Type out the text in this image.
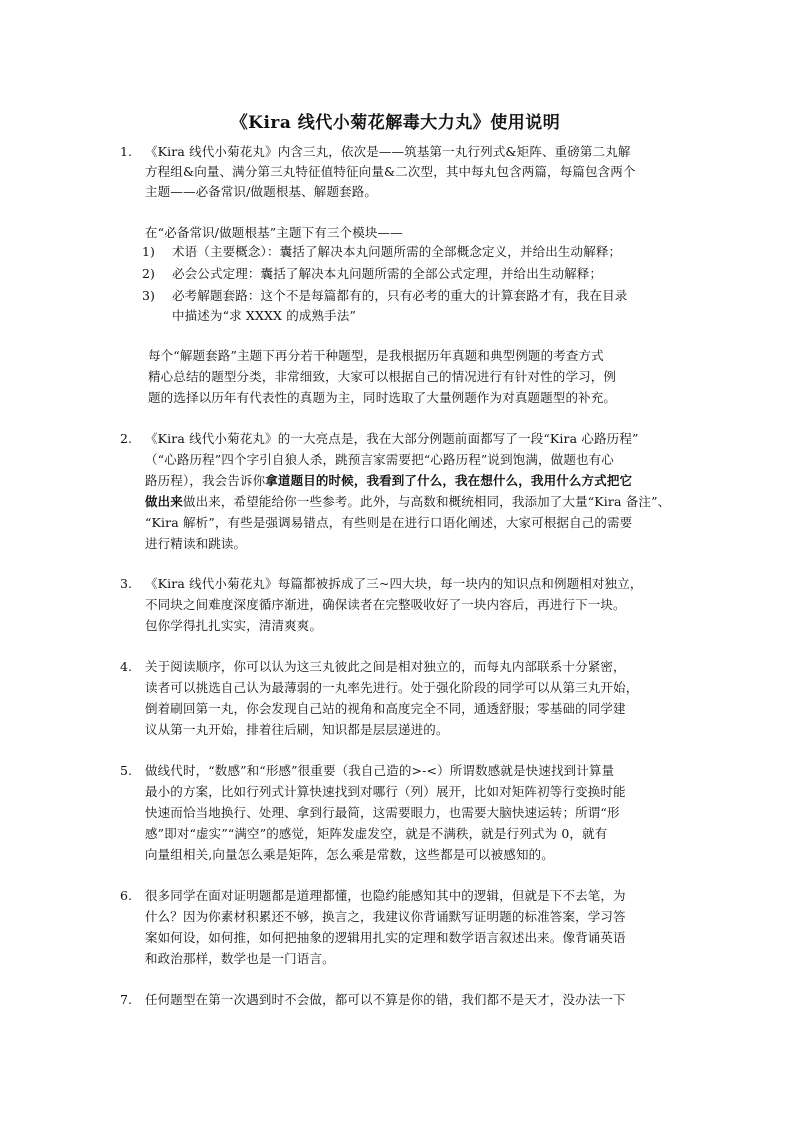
《Kira 线代小菊花解毒大力丸》使用说明
1. 《Kira 线代小菊花丸》内含三丸，依次是——筑基第一丸行列式&矩阵、重磅第二丸解
方程组&向量、满分第三丸特征值特征向量&二次型，其中每丸包含两篇，每篇包含两个
主题——必备常识/做题根基、解题套路。
在“必备常识/做题根基”主题下有三个模块——
1) 术语（主要概念）：囊括了解决本丸问题所需的全部概念定义，并给出生动解释；
2) 必会公式定理：囊括了解决本丸问题所需的全部公式定理，并给出生动解释；
3) 必考解题套路：这个不是每篇都有的，只有必考的重大的计算套路才有，我在目录
中描述为“求 XXXX 的成熟手法”
每个“解题套路”主题下再分若干种题型，是我根据历年真题和典型例题的考查方式
精心总结的题型分类，非常细致，大家可以根据自己的情况进行有针对性的学习，例
题的选择以历年有代表性的真题为主，同时选取了大量例题作为对真题题型的补充。
2. 《Kira 线代小菊花丸》的一大亮点是，我在大部分例题前面都写了一段“Kira 心路历程”
（“心路历程”四个字引自狼人杀，跳预言家需要把“心路历程”说到饱满，做题也有心
路历程），我会告诉你拿道题目的时候，我看到了什么，我在想什么，我用什么方式把它
做出来做出来，希望能给你一些参考。此外，与高数和概统相同，我添加了大量“Kira 备注”、
“Kira 解析”，有些是强调易错点，有些则是在进行口语化阐述，大家可根据自己的需要
进行精读和跳读。
3. 《Kira 线代小菊花丸》每篇都被拆成了三~四大块，每一块内的知识点和例题相对独立，
不同块之间难度深度循序渐进，确保读者在完整吸收好了一块内容后，再进行下一块。
包你学得扎扎实实，清清爽爽。
4. 关于阅读顺序，你可以认为这三丸彼此之间是相对独立的，而每丸内部联系十分紧密，
读者可以挑选自己认为最薄弱的一丸率先进行。处于强化阶段的同学可以从第三丸开始，
倒着刷回第一丸，你会发现自己站的视角和高度完全不同，通透舒服；零基础的同学建
议从第一丸开始，排着往后刷，知识都是层层递进的。
5. 做线代时，“数感”和“形感”很重要（我自己造的>-<）所谓数感就是快速找到计算量
最小的方案，比如行列式计算快速找到对哪行（列）展开，比如对矩阵初等行变换时能
快速而恰当地换行、处理、拿到行最简，这需要眼力，也需要大脑快速运转；所谓“形
感”即对“虚实”“满空”的感觉，矩阵发虚发空，就是不满秩，就是行列式为 0，就有
向量组相关,向量怎么乘是矩阵，怎么乘是常数，这些都是可以被感知的。
6. 很多同学在面对证明题都是道理都懂，也隐约能感知其中的逻辑，但就是下不去笔，为
什么？因为你素材积累还不够，换言之，我建议你背诵默写证明题的标准答案，学习答
案如何设，如何推，如何把抽象的逻辑用扎实的定理和数学语言叙述出来。像背诵英语
和政治那样，数学也是一门语言。
7. 任何题型在第一次遇到时不会做，都可以不算是你的错，我们都不是天才，没办法一下
